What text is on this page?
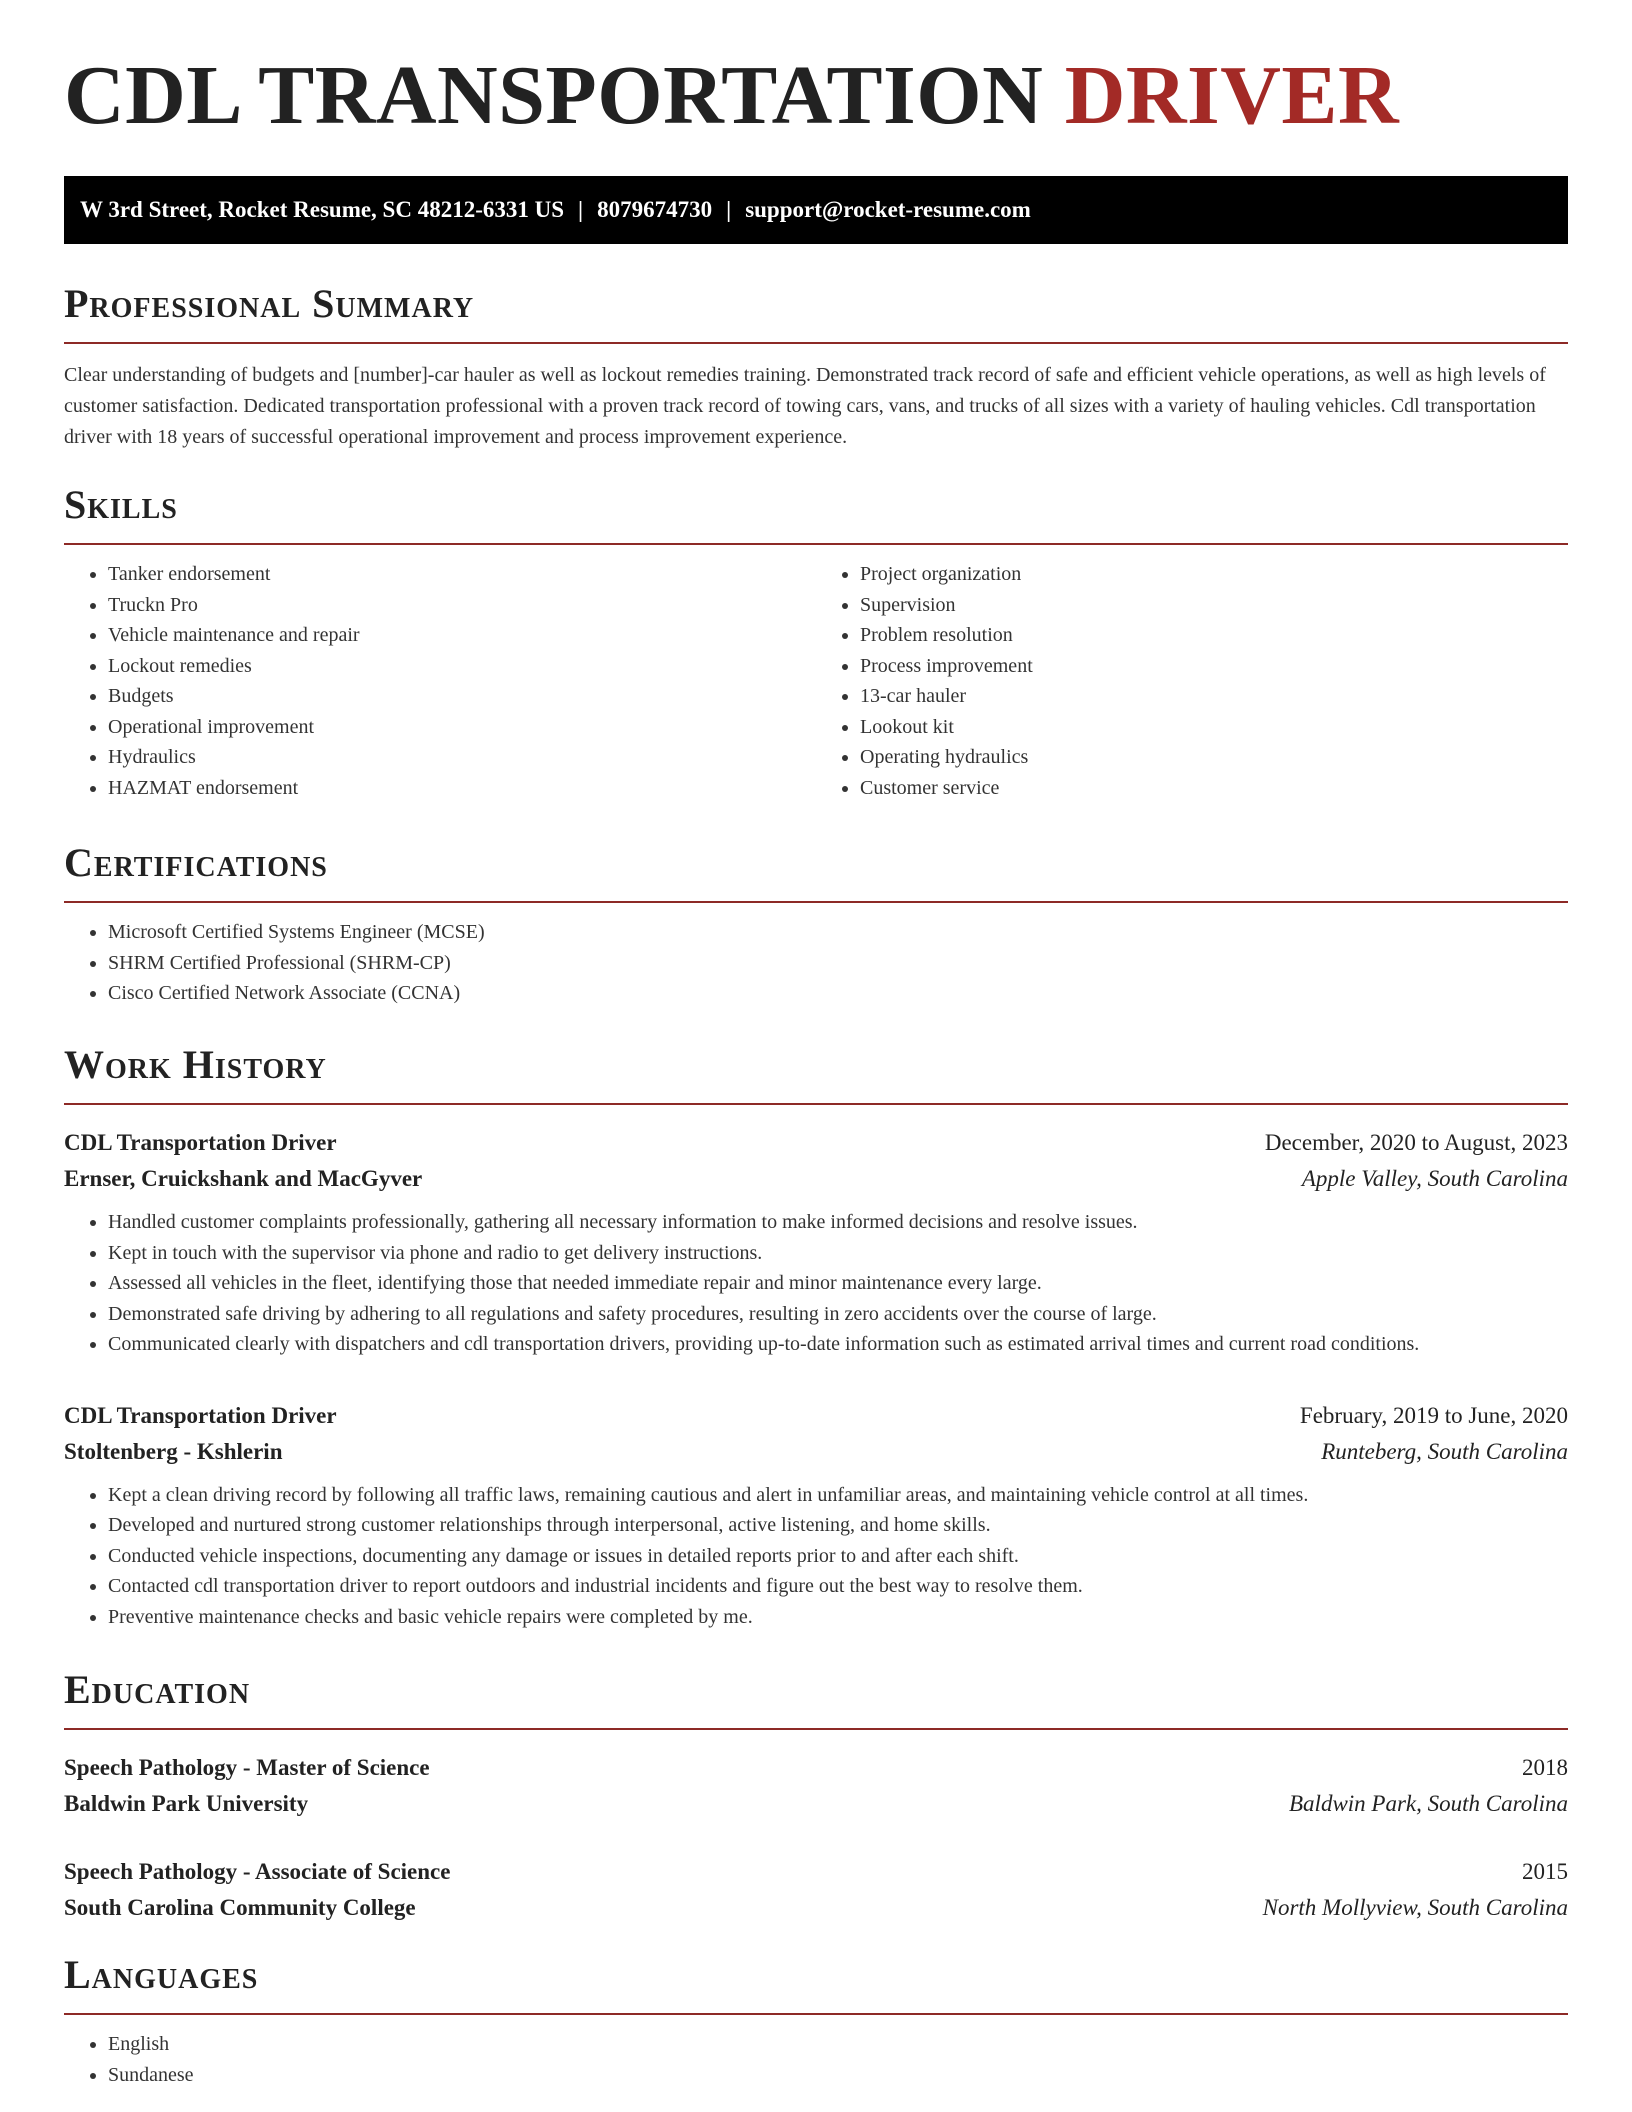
CDL TRANSPORTATION DRIVER
W 3rd Street, Rocket Resume, SC 48212-6331 US | 8079674730 | support@rocket-resume.com
Professional Summary

Clear understanding of budgets and [number]-car hauler as well as lockout remedies training. Demonstrated track record of safe and efficient vehicle operations, as well as high levels of customer satisfaction. Dedicated transportation professional with a proven track record of towing cars, vans, and trucks of all sizes with a variety of hauling vehicles. Cdl transportation driver with 18 years of successful operational improvement and process improvement experience.

Skills
• Tanker endorsement
• Truckn Pro
• Vehicle maintenance and repair
• Lockout remedies
• Budgets
• Operational improvement
• Hydraulics
• HAZMAT endorsement
• Project organization
• Supervision
• Problem resolution
• Process improvement
• 13-car hauler
• Lookout kit
• Operating hydraulics
• Customer service
Certifications
• Microsoft Certified Systems Engineer (MCSE)
• SHRM Certified Professional (SHRM-CP)
• Cisco Certified Network Associate (CCNA)
Work History
CDL Transportation Driver	December, 2020 to August, 2023
Ernser, Cruickshank and MacGyver	Apple Valley, South Carolina
• Handled customer complaints professionally, gathering all necessary information to make informed decisions and resolve issues.
• Kept in touch with the supervisor via phone and radio to get delivery instructions.
• Assessed all vehicles in the fleet, identifying those that needed immediate repair and minor maintenance every large.
• Demonstrated safe driving by adhering to all regulations and safety procedures, resulting in zero accidents over the course of large.
• Communicated clearly with dispatchers and cdl transportation drivers, providing up-to-date information such as estimated arrival times and current road conditions.
CDL Transportation Driver	February, 2019 to June, 2020
Stoltenberg - Kshlerin	Runteberg, South Carolina
• Kept a clean driving record by following all traffic laws, remaining cautious and alert in unfamiliar areas, and maintaining vehicle control at all times.
• Developed and nurtured strong customer relationships through interpersonal, active listening, and home skills.
• Conducted vehicle inspections, documenting any damage or issues in detailed reports prior to and after each shift.
• Contacted cdl transportation driver to report outdoors and industrial incidents and figure out the best way to resolve them.
• Preventive maintenance checks and basic vehicle repairs were completed by me.
Education
Speech Pathology - Master of Science	2018
Baldwin Park University	Baldwin Park, South Carolina
Speech Pathology - Associate of Science	2015
South Carolina Community College	North Mollyview, South Carolina
Languages
• English
• Sundanese
